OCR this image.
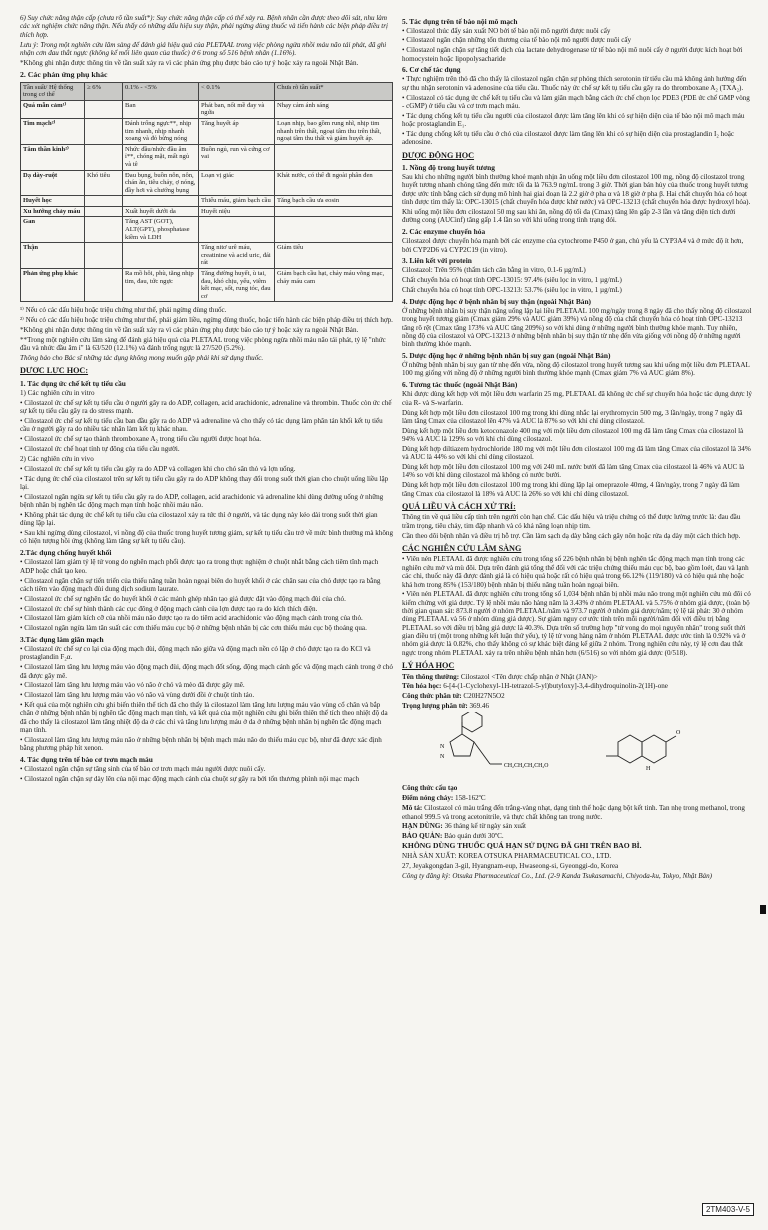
6) Suy chức năng thận cấp (chưa rõ tần suất*): Suy chức năng thận cấp có thể xảy ra. Bệnh nhân cần được theo dõi sát, nhu làm các xét nghiệm chức năng thận. Nếu thấy có những dấu hiệu suy thận, phải ngừng dùng thuốc và tiến hành các biện pháp điều trị thích hợp.

Lưu ý: Trong một nghiên cứu lâm sàng để đánh giá hiệu quả của PLETAAL trong việc phòng ngừa nhồi máu não tái phát, đã ghi nhận cơn đau thắt ngực (không kể mối liên quan của thuốc) ở 6 trong số 516 bệnh nhân (1.16%).

*Không ghi nhận được thông tin về tần suất xảy ra vì các phản ứng phụ được báo cáo tự ý hoặc xảy ra ngoài Nhật Bản.

2. Các phản ứng phụ khác
Tần suất/ Hệ thống trong cơ thể	≥ 6%	0.1% - <5%	< 0.1%	Chưa rõ tần suất*
Quá mẫn cảm¹⁾		Ban	Phát ban, nổi mề đay và ngứa	Nhạy cảm ánh sáng
Tim mạch²⁾		Đánh trống ngực**, nhịp tim nhanh, nhịp nhanh xoang và đỏ bừng nóng	Tăng huyết áp	Loạn nhịp, bao gồm rung nhĩ, nhịp tim nhanh trên thất, ngoại tâm thu trên thất, ngoại tâm thu thất và giảm huyết áp.
Tâm thần kinh²⁾		Nhức đầu/nhức đầu âm ỉ**, chóng mặt, mất ngủ và tê	Buồn ngủ, run và cứng cơ vai	
Dạ dày-ruột	Khó tiêu	Đau bụng, buồn nôn, nôn, chán ăn, tiêu chảy, ợ nóng, đầy hơi và chướng bụng	Loạn vị giác	Khát nước, có thể đi ngoài phân đen
Huyết học			Thiếu máu, giảm bạch cầu	Tăng bạch cầu ưa eosin
Xu hướng chảy máu		Xuất huyết dưới da	Huyết niệu	
Gan		Tăng AST (GOT), ALT(GPT), phosphatase kiềm và LDH		
Thận			Tăng nitơ urê máu, creatinine và acid uric, đái rát	Giảm tiểu
Phản ứng phụ khác		Ra mồ hôi, phù, tăng nhịp tim, đau, tức ngực	Tăng đường huyết, ù tai, đau, khó chịu, yếu, viêm kết mạc, sốt, rung tóc, đau cơ	Giảm bạch cầu hạt, chảy máu võng mạc, chảy máu cam

¹⁾ Nếu có các dấu hiệu hoặc triệu chứng như thế, phải ngừng dùng thuốc.

²⁾ Nếu có các dấu hiệu hoặc triệu chứng như thế, phải giảm liều, ngừng dùng thuốc, hoặc tiến hành các biện pháp điều trị thích hợp.

*Không ghi nhận được thông tin về tần suất xảy ra vì các phản ứng phụ được báo cáo tự ý hoặc xảy ra ngoài Nhật Bản.

**Trong một nghiên cứu lâm sàng để đánh giá hiệu quả của PLETAAL trong việc phòng ngừa nhồi máu não tái phát, tỷ lệ "nhức đầu và nhức đầu âm ỉ" là 63/520 (12.1%) và đánh trống ngực là 27/520 (5.2%).

Thông báo cho Bác sĩ những tác dụng không mong muốn gặp phải khi sử dụng thuốc.

DƯỢC LỰC HỌC:
1. Tác dụng ức chế kết tụ tiểu cầu

1) Các nghiên cứu in vitro

• Cilostazol ức chế sự kết tụ tiểu cầu ở người gây ra do ADP, collagen, acid arachidonic, adrenaline và thrombin. Thuốc còn ức chế sự kết tụ tiểu cầu gây ra do stress mạnh.

• Cilostazol ức chế sự kết tụ tiểu cầu ban đầu gây ra do ADP và adrenaline và cho thấy có tác dụng làm phân tán khối kết tụ tiểu cầu ở người gây ra do nhiều tác nhân làm kết tụ khác nhau.

• Cilostazol ức chế sự tạo thành thromboxane A₂ trong tiểu cầu người được hoạt hóa.

• Cilostazol ức chế hoạt tính tự đông của tiểu cầu người.

2) Các nghiên cứu in vivo

• Cilostazol ức chế sự kết tụ tiểu cầu gây ra do ADP và collagen khi cho chó săn thỏ và lợn uống.

• Tác dụng ức chế của cilostazol trên sự kết tụ tiểu cầu gây ra do ADP không thay đổi trong suốt thời gian cho chuột uống liều lặp lại.

• Cilostazol ngăn ngừa sự kết tụ tiểu cầu gây ra do ADP, collagen, acid arachidonic và adrenaline khi dùng đường uống ở những bệnh nhân bị nghẽn tắc động mạch mạn tính hoặc nhồi máu não.

• Không phát tác dụng ức chế kết tụ tiểu cầu của cilostazol xảy ra tức thì ở người, và tác dụng này kéo dài trong suốt thời gian dùng lặp lại.

• Sau khi ngừng dùng cilostazol, vì nồng độ của thuốc trong huyết tương giảm, sự kết tụ tiểu cầu trở về mức bình thường mà không có hiện tượng hồi ứng (không làm tăng sự kết tụ tiểu cầu).

2.Tác dụng chống huyết khối

• Cilostazol làm giảm tỷ lệ tử vong do nghẽn mạch phổi được tạo ra trong thực nghiệm ở chuột nhắt bằng cách tiêm tĩnh mạch ADP hoặc chất tạo keo.

• Cilostazol ngăn chặn sự tiến triển của thiếu năng tuần hoàn ngoại biên do huyết khối ở các chân sau của chó được tạo ra bằng cách tiêm vào động mạch đùi dung dịch sodium laurate.

• Cilostazol ức chế sự nghẽn tắc do huyết khối ở các mảnh ghép nhân tạo giả được đặt vào động mạch đùi của chó.

• Cilostazol ức chế sự hình thành các cục đông ở động mạch cảnh của lợn được tạo ra do kích thích điện.

• Cilostazol làm giảm kích cỡ của nhồi máu não được tạo ra do tiêm acid arachidonic vào động mạch cảnh trong của thỏ.

• Cilostazol ngăn ngừa làm tăn suất các cơn thiếu máu cục bộ ở những bệnh nhân bị các cơn thiếu máu cục bộ thoáng qua.

3.Tác dụng làm giãn mạch

• Cilostazol ức chế sự co lại của động mạch đùi, động mạch não giữa và động mạch nền có lập ở chó được tạo ra do KCl và prostaglandin F₂α.

• Cilostazol làm tăng lưu lượng máu vào động mạch đùi, động mạch đốt sống, động mạch cánh gốc và động mạch cảnh trong ở chó đã được gây mê.

• Cilostazol làm tăng lưu lượng máu vào vỏ não ở chó và mèo đã được gây mê.

• Cilostazol làm tăng lưu lượng máu vào vỏ não và vùng dưới đồi ở chuột tỉnh táo.

• Kết quả của một nghiên cứu ghi biến thiên thể tích đã cho thấy là cilostazol làm tăng lưu lượng máu vào vùng cổ chân và bắp chân ở những bệnh nhân bị nghẽn tắc động mạch mạn tính, và kết quả của một nghiên cứu ghi biến thiên thể tích theo nhiệt độ da đã cho thấy là cilostazol làm tăng nhiệt độ da ở các chi và tăng lưu lượng máu ở da ở những bệnh nhân bị nghẽn tắc động mạch mạn tính.

• Cilostazol làm tăng lưu lượng máu não ở những bệnh nhân bị bệnh mạch máu não do thiếu máu cục bộ, như đã được xác định bằng phương pháp hít xenon.

4. Tác dụng trên tế bào cơ trơn mạch máu

• Cilostazol ngăn chặn sự tăng sinh của tế bào cơ trơn mạch máu người được nuôi cấy.

• Cilostazol ngăn chặn sự dày lên của nội mạc động mạch cảnh của chuột sự gây ra bởi tổn thương phình nội mạc mạch

5. Tác dụng trên tế bào nội mô mạch

• Cilostazol thúc đẩy sản xuất NO bởi tế bào nội mô người được nuôi cấy

• Cilostazol ngăn chặn những tổn thương của tế bào nội mô người được nuôi cấy

• Cilostazol ngăn chặn sự tăng tiết dịch của lactate dehydrogenase từ tế bào nội mô nuôi cấy ở người được kích hoạt bởi homocystein hoặc lipopolysacharide

6. Cơ chế tác dụng

• Thực nghiệm trên thỏ đã cho thấy là cilostazol ngăn chặn sự phóng thích serotonin từ tiểu cầu mà không ảnh hưởng đến sự thu nhận serotonin và adenosine của tiểu cầu. Thuốc này ức chế sự kết tụ tiểu cầu gây ra do thromboxane A₂ (TXA₂).

• Cilostazol có tác dụng ức chế kết tụ tiểu cầu và làm giãn mạch bằng cách ức chế chọn lọc PDE3 (PDE ức chế GMP vòng - cGMP) ở tiểu cầu và cơ trơn mạch máu.

• Tác dụng chống kết tụ tiểu cầu người của cilostazol được làm tăng lên khi có sự hiện diện của tế bào nội mô mạch máu hoặc prostaglandin E₁.

• Tác dụng chống kết tụ tiểu cầu ở chó của cilostazol được làm tăng lên khi có sự hiện diện của prostaglandin I₂ hoặc adenosine.

DƯỢC ĐỘNG HỌC
1. Nồng độ trong huyết tương

Sau khi cho những người bình thường khoẻ mạnh nhịn ăn uống một liều đơn cilostazol 100 mg, nồng độ cilostazol trong huyết tương nhanh chóng tăng đến mức tối đa là 763.9 ng/mL trong 3 giờ. Thời gian bán hủy của thuốc trong huyết tương được ước tính bằng cách sử dụng mô hình hai giai đoạn là 2.2 giờ ở pha α và 18 giờ ở pha β. Hai chất chuyển hóa có hoạt tính được tìm thấy là: OPC-13015 (chất chuyển hóa được khử nước) và OPC-13213 (chất chuyển hóa được hydroxyl hóa).

Khi uống một liều đơn cilostazol 50 mg sau khi ăn, nồng độ tối đa (Cmax) tăng lên gấp 2-3 lần và tăng diện tích dưới đường cong (AUCinf) tăng gấp 1.4 lần so với khi uống trong tình trạng đói.

2. Các enzyme chuyển hóa

Cilostazol được chuyển hóa mạnh bởi các enzyme của cytochrome P450 ở gan, chủ yếu là CYP3A4 và ở mức độ ít hơn, bởi CYP2D6 và CYP2C19 (in vitro).

3. Liên kết với protein

Cilostazol: Trên 95% (thẩm tách cân bằng in vitro, 0.1-6 µg/mL)

Chất chuyển hóa có hoạt tính OPC-13015: 97.4% (siêu lọc in vitro, 1 µg/mL)

Chất chuyển hóa có hoạt tính OPC-13213: 53.7% (siêu lọc in vitro, 1 µg/mL)

4. Dược động học ở bệnh nhân bị suy thận (ngoài Nhật Bản)

Ở những bệnh nhân bị suy thận nặng uống lặp lại liều PLETAAL 100 mg/ngày trong 8 ngày đã cho thấy nồng độ cilostazol trong huyết tương giảm (Cmax giảm 29% và AUC giảm 39%) và nồng độ của chất chuyển hóa có hoạt tính OPC-13213 tăng rõ rệt (Cmax tăng 173% và AUC tăng 209%) so với khi dùng ở những người bình thường khỏe mạnh. Tuy nhiên, nồng độ của cilostazol và OPC-13213 ở những bệnh nhân bị suy thận từ nhẹ đến vừa giống với nồng độ ở những người bình thường khỏe mạnh.

5. Dược động học ở những bệnh nhân bị suy gan (ngoài Nhật Bản)

Ở những bệnh nhân bị suy gan từ nhẹ đến vừa, nồng độ cilostazol trong huyết tương sau khi uống một liều đơn PLETAAL 100 mg giống với nồng độ ở những người bình thường khỏe mạnh (Cmax giảm 7% và AUC giảm 8%).

6. Tương tác thuốc (ngoài Nhật Bản)

Khi được dùng kết hợp với một liều đơn warfarin 25 mg, PLETAAL đã không ức chế sự chuyển hóa hoặc tác dụng dược lý của R- và S-warfarin.

Dùng kết hợp một liều đơn cilostazol 100 mg trong khi dùng nhắc lại erythromycin 500 mg, 3 lần/ngày, trong 7 ngày đã làm tăng Cmax của cilostazol lên 47% và AUC là 87% so với khi chỉ dùng cilostazol.

Dùng kết hợp một liều đơn ketoconazole 400 mg với một liều đơn cilostazol 100 mg đã làm tăng Cmax của cilostazol là 94% và AUC là 129% so với khi chỉ dùng cilostazol.

Dùng kết hợp diltiazem hydrochloride 180 mg với một liều đơn cilostazol 100 mg đã làm tăng Cmax của cilostazol là 34% và AUC là 44% so với khi chỉ dùng cilostazol.

Dùng kết hợp một liều đơn cilostazol 100 mg với 240 mL nước bưởi đã làm tăng Cmax của cilostazol là 46% và AUC là 14% so với khi dùng cilostazol mà không có nước bưởi.

Dùng kết hợp một liều đơn cilostazol 100 mg trong khi dùng lặp lại omeprazole 40mg, 4 lần/ngày, trong 7 ngày đã làm tăng Cmax của cilostazol là 18% và AUC là 26% so với khi chỉ dùng cilostazol.

QUÁ LIỀU VÀ CÁCH XỬ TRÍ:

Thông tin về quá liều cấp tính trên người còn hạn chế. Các dấu hiệu và triệu chứng có thể được lường trước là: đau đầu trầm trọng, tiêu chảy, tim đập nhanh và có khả năng loạn nhịp tim.

Cần theo dõi bệnh nhân và điều trị hỗ trợ. Cần làm sạch dạ dày bằng cách gây nôn hoặc rửa dạ dày một cách thích hợp.

CÁC NGHIÊN CỨU LÂM SÀNG

• Viên nén PLETAAL đã được nghiên cứu trong tổng số 226 bệnh nhân bị bệnh nghẽn tắc động mạch mạn tính trong các nghiên cứu mở và mù đôi. Dựa trên đánh giá tổng thể đối với các triệu chứng thiếu máu cục bộ, bao gồm loét, đau và lạnh các chi, thuốc này đã được đánh giá là có hiệu quả hoặc rất có hiệu quả trong 66.12% (119/180) và có hiệu quả nhẹ hoặc khá hơn trong 85% (153/180) bệnh nhân bị thiếu năng tuần hoàn ngoại biên.

• Viên nén PLETAAL đã được nghiên cứu trong tổng số 1,034 bệnh nhân bị nhồi máu não trong một nghiên cứu mù đôi có kiểm chứng với giả dược. Tỷ lệ nhồi máu não hàng năm là 3.43% ở nhóm PLETAAL và 5.75% ở nhóm giả dược, (toàn bộ thời gian quan sát: 873.8 người ở nhóm PLETAAL/năm và 973.7 người ở nhóm giả dược/năm; tỷ lệ tái phát: 30 ở nhóm dùng PLETAAL và 56 ở nhóm dùng giả dược). Sự giảm nguy cơ ước tính trên mỗi người/năm đối với điều trị bằng PLETAAL so với điều trị bằng giả dược là 40.3%. Dựa trên số trường hợp "tử vong do mọi nguyên nhân" trong suốt thời gian điều trị (một trong những kết luận thứ yếu), tỷ lệ tử vong hàng năm ở nhóm PLETAAL được ước tính là 0.92% và ở nhóm giả dược là 0.82%, cho thấy không có sự khác biệt đáng kể giữa 2 nhóm. Trong nghiên cứu này, tỷ lệ cơn đau thắt ngực trong nhóm PLETAAL xảy ra trên nhiều bệnh nhân hơn (6/516) so với nhóm giả dược (0/518).

LÝ HÓA HỌC

Tên thông thường: Cilostazol <Tên được chấp nhận ở Nhật (JAN)>

Tên hóa học: 6-[4-(1-Cyclohexyl-1H-tetrazol-5-yl)butyloxy]-3,4-dihydroquinolin-2(1H)-one

Công thức phân tử: C20H27N5O2

Trọng lượng phân tử: 369.46

N
N
O
H
CH₂CH₂CH₂CH₂O

Công thức cấu tạo

Điểm nóng chảy: 158-162ºC

Mô tả: Cilostazol có màu trắng đến trắng-vàng nhạt, dạng tinh thể hoặc dạng bột kết tinh. Tan nhẹ trong methanol, trong ethanol 999.5 và trong acetonitrile, và thực chất không tan trong nước.

HẠN DÙNG: 36 tháng kể từ ngày sản xuất

BẢO QUẢN: Bảo quản dưới 30ºC.

KHÔNG DÙNG THUỐC QUÁ HẠN SỬ DỤNG ĐÃ GHI TRÊN BAO BÌ.

NHÀ SẢN XUẤT: KOREA OTSUKA PHARMACEUTICAL CO., LTD.

27, Jeyakgongdan 3-gil, Hyangnam-eup, Hwaseong-si, Gyeonggi-do, Korea

Công ty đăng ký: Otsuka Pharmaceutical Co., Ltd. (2-9 Kanda Tsukasamachi, Chiyoda-ku, Tokyo, Nhật Bản)

2TM403-V-5
